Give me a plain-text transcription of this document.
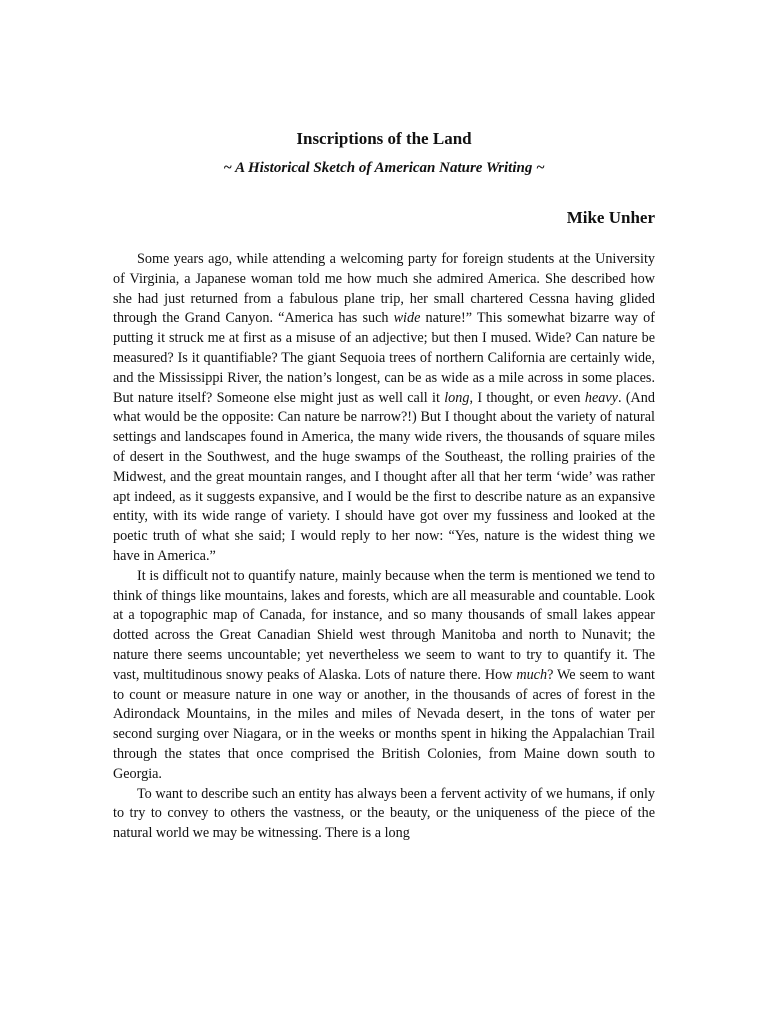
Inscriptions of the Land
~ A Historical Sketch of American Nature Writing ~
Mike Unher

Some years ago, while attending a welcoming party for foreign students at the University of Virginia, a Japanese woman told me how much she admired America. She described how she had just returned from a fabulous plane trip, her small chartered Cessna having glided through the Grand Canyon. “America has such wide nature!” This somewhat bizarre way of putting it struck me at first as a misuse of an adjective; but then I mused. Wide? Can nature be measured? Is it quantifiable? The giant Sequoia trees of northern California are certainly wide, and the Mississippi River, the nation’s longest, can be as wide as a mile across in some places. But nature itself? Someone else might just as well call it long, I thought, or even heavy. (And what would be the opposite: Can nature be narrow?!) But I thought about the variety of natural settings and landscapes found in America, the many wide rivers, the thousands of square miles of desert in the Southwest, and the huge swamps of the Southeast, the rolling prairies of the Midwest, and the great mountain ranges, and I thought after all that her term ‘wide’ was rather apt indeed, as it suggests expansive, and I would be the first to describe nature as an expansive entity, with its wide range of variety. I should have got over my fussiness and looked at the poetic truth of what she said; I would reply to her now: “Yes, nature is the widest thing we have in America.”

It is difficult not to quantify nature, mainly because when the term is mentioned we tend to think of things like mountains, lakes and forests, which are all measurable and countable. Look at a topographic map of Canada, for instance, and so many thousands of small lakes appear dotted across the Great Canadian Shield west through Manitoba and north to Nunavit; the nature there seems uncountable; yet nevertheless we seem to want to try to quantify it. The vast, multitudinous snowy peaks of Alaska. Lots of nature there. How much? We seem to want to count or measure nature in one way or another, in the thousands of acres of forest in the Adirondack Mountains, in the miles and miles of Nevada desert, in the tons of water per second surging over Niagara, or in the weeks or months spent in hiking the Appalachian Trail through the states that once comprised the British Colonies, from Maine down south to Georgia.

To want to describe such an entity has always been a fervent activity of we humans, if only to try to convey to others the vastness, or the beauty, or the uniqueness of the piece of the natural world we may be witnessing. There is a long
